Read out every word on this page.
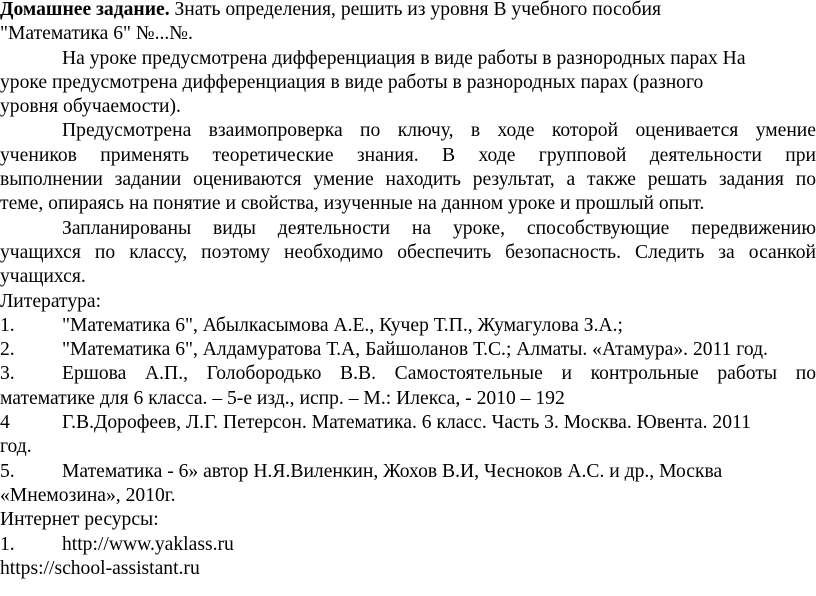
Домашнее задание. Знать определения, решить из уровня В учебного пособия
"Математика 6" №...№.
На уроке предусмотрена дифференциация в виде работы в разнородных парах На
уроке предусмотрена дифференциация в виде работы в разнородных парах (разного
уровня обучаемости).
Предусмотрена взаимопроверка по ключу, в ходе которой оценивается умение
учеников применять теоретические знания. В ходе групповой деятельности при
выполнении задании оцениваются умение находить результат, а также решать задания по
теме, опираясь на понятие и свойства, изученные на данном уроке и прошлый опыт.
Запланированы виды деятельности на уроке, способствующие передвижению
учащихся по классу, поэтому необходимо обеспечить безопасность. Следить за осанкой
учащихся.
Литература:
1. "Математика 6", Абылкасымова А.Е., Кучер Т.П., Жумагулова З.А.;
2. "Математика 6", Алдамуратова Т.А, Байшоланов Т.С.; Алматы. «Атамура». 2011 год.
3. Ершова А.П., Голобородько В.В. Самостоятельные и контрольные работы по
математике для 6 класса. – 5-е изд., испр. – М.: Илекса, - 2010 – 192
4	Г.В.Дорофеев, Л.Г. Петерсон. Математика. 6 класс. Часть 3. Москва. Ювента. 2011
год.
5. Математика - 6» автор Н.Я.Виленкин, Жохов В.И, Чесноков А.С. и др., Москва
«Мнемозина», 2010г.
Интернет ресурсы:
1. http://www.yaklass.ru
https://school-assistant.ru
